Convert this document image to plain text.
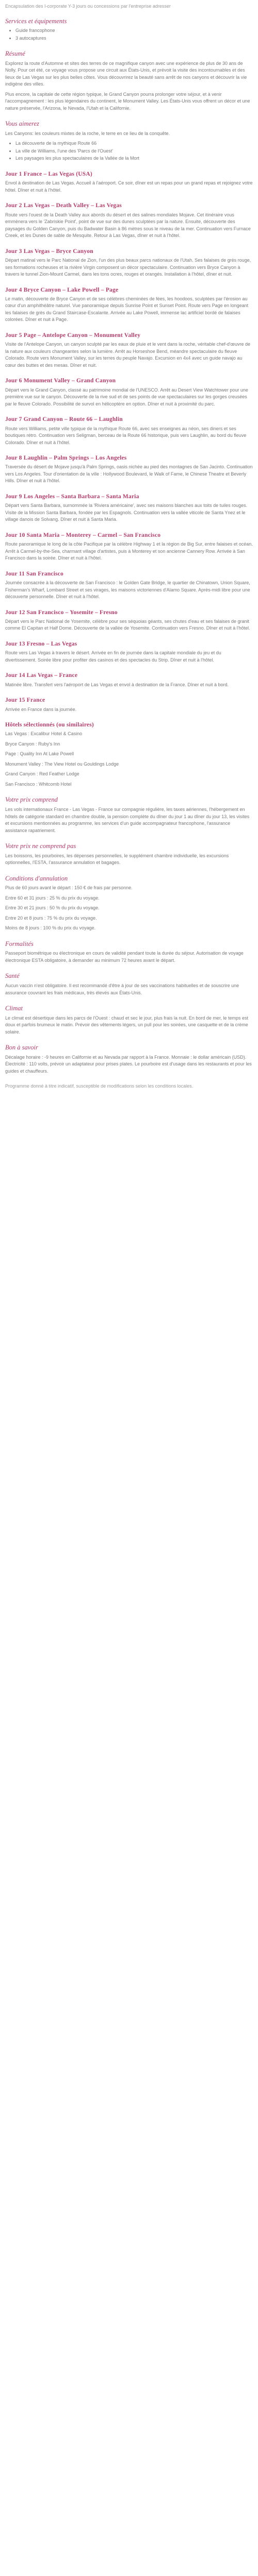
Encapsulation des I-corporate Y-3 jours ou concessions par l'entreprise adresser

Services et équipements
• Guide francophone
• 3 autocaptures
Résumé

Explorez la route d'Automne et sites des terres de ce magnifique canyon avec une expérience de plus de 30 ans de Nolly. Pour cet été, ce voyage vous propose une circuit aux États-Unis, et prévoit la visite des incontournables et des lieux de Las Vegas sur les plus belles côtes. Vous découvrirez la beauté sans arrêt de nos canyons et découvrir la vie indigène des villes.

Plus encore, la capitale de cette région typique, le Grand Canyon pourra prolonger votre séjour, et à venir l'accompagnement : les plus légendaires du continent, le Monument Valley. Les États-Unis vous offrent un décor et une nature préservée, l'Arizona, le Nevada, l'Utah et la Californie.

Vous aimerez

Les Canyons: les couleurs mixtes de la roche, le terre en ce lieu de la conquête.

• La découverte de la mythique Route 66
• La ville de Williams, l'une des 'Parcs de l'Ouest'
• Les paysages les plus spectaculaires de la Vallée de la Mort
Jour 1 France – Las Vegas (USA)

Envol à destination de Las Vegas. Accueil à l'aéroport. Ce soir, dîner est un repas pour un grand repas et rejoignez votre hôtel. Dîner et nuit à l'hôtel.

Jour 2 Las Vegas – Death Valley – Las Vegas

Route vers l'ouest de la Death Valley aux abords du désert et des salines mondiales Mojave. Cet itinéraire vous emmènera vers le 'Zabriskie Point', point de vue sur des dunes sculptées par la nature. Ensuite, découverte des paysages du Golden Canyon, puis du Badwater Basin à 86 mètres sous le niveau de la mer. Continuation vers Furnace Creek, et les Dunes de sable de Mesquite. Retour à Las Vegas, dîner et nuit à l'hôtel.

Jour 3 Las Vegas – Bryce Canyon

Départ matinal vers le Parc National de Zion, l'un des plus beaux parcs nationaux de l'Utah. Ses falaises de grès rouge, ses formations rocheuses et la rivière Virgin composent un décor spectaculaire. Continuation vers Bryce Canyon à travers le tunnel Zion-Mount Carmel, dans les tons ocres, rouges et orangés. Installation à l'hôtel, dîner et nuit.

Jour 4 Bryce Canyon – Lake Powell – Page

Le matin, découverte de Bryce Canyon et de ses célèbres cheminées de fées, les hoodoos, sculptées par l'érosion au cœur d'un amphithéâtre naturel. Vue panoramique depuis Sunrise Point et Sunset Point. Route vers Page en longeant les falaises de grès du Grand Staircase-Escalante. Arrivée au Lake Powell, immense lac artificiel bordé de falaises colorées. Dîner et nuit à Page.

Jour 5 Page – Antelope Canyon – Monument Valley

Visite de l'Antelope Canyon, un canyon sculpté par les eaux de pluie et le vent dans la roche, véritable chef-d'œuvre de la nature aux couleurs changeantes selon la lumière. Arrêt au Horseshoe Bend, méandre spectaculaire du fleuve Colorado. Route vers Monument Valley, sur les terres du peuple Navajo. Excursion en 4x4 avec un guide navajo au cœur des buttes et des mesas. Dîner et nuit.

Jour 6 Monument Valley – Grand Canyon

Départ vers le Grand Canyon, classé au patrimoine mondial de l'UNESCO. Arrêt au Desert View Watchtower pour une première vue sur le canyon. Découverte de la rive sud et de ses points de vue spectaculaires sur les gorges creusées par le fleuve Colorado. Possibilité de survol en hélicoptère en option. Dîner et nuit à proximité du parc.

Jour 7 Grand Canyon – Route 66 – Laughlin

Route vers Williams, petite ville typique de la mythique Route 66, avec ses enseignes au néon, ses diners et ses boutiques rétro. Continuation vers Seligman, berceau de la Route 66 historique, puis vers Laughlin, au bord du fleuve Colorado. Dîner et nuit à l'hôtel.

Jour 8 Laughlin – Palm Springs – Los Angeles

Traversée du désert de Mojave jusqu'à Palm Springs, oasis nichée au pied des montagnes de San Jacinto. Continuation vers Los Angeles. Tour d'orientation de la ville : Hollywood Boulevard, le Walk of Fame, le Chinese Theatre et Beverly Hills. Dîner et nuit à l'hôtel.

Jour 9 Los Angeles – Santa Barbara – Santa Maria

Départ vers Santa Barbara, surnommée la 'Riviera américaine', avec ses maisons blanches aux toits de tuiles rouges. Visite de la Mission Santa Barbara, fondée par les Espagnols. Continuation vers la vallée viticole de Santa Ynez et le village danois de Solvang. Dîner et nuit à Santa Maria.

Jour 10 Santa Maria – Monterey – Carmel – San Francisco

Route panoramique le long de la côte Pacifique par la célèbre Highway 1 et la région de Big Sur, entre falaises et océan. Arrêt à Carmel-by-the-Sea, charmant village d'artistes, puis à Monterey et son ancienne Cannery Row. Arrivée à San Francisco dans la soirée. Dîner et nuit à l'hôtel.

Jour 11 San Francisco

Journée consacrée à la découverte de San Francisco : le Golden Gate Bridge, le quartier de Chinatown, Union Square, Fisherman's Wharf, Lombard Street et ses virages, les maisons victoriennes d'Alamo Square. Après-midi libre pour une découverte personnelle. Dîner et nuit à l'hôtel.

Jour 12 San Francisco – Yosemite – Fresno

Départ vers le Parc National de Yosemite, célèbre pour ses séquoias géants, ses chutes d'eau et ses falaises de granit comme El Capitan et Half Dome. Découverte de la vallée de Yosemite. Continuation vers Fresno. Dîner et nuit à l'hôtel.

Jour 13 Fresno – Las Vegas

Route vers Las Vegas à travers le désert. Arrivée en fin de journée dans la capitale mondiale du jeu et du divertissement. Soirée libre pour profiter des casinos et des spectacles du Strip. Dîner et nuit à l'hôtel.

Jour 14 Las Vegas – France

Matinée libre. Transfert vers l'aéroport de Las Vegas et envol à destination de la France. Dîner et nuit à bord.

Jour 15 France

Arrivée en France dans la journée.

Hôtels sélectionnés (ou similaires)

Las Vegas : Excalibur Hotel & Casino

Bryce Canyon : Ruby's Inn

Page : Quality Inn At Lake Powell

Monument Valley : The View Hotel ou Gouldings Lodge

Grand Canyon : Red Feather Lodge

San Francisco : Whitcomb Hotel

Votre prix comprend

Les vols internationaux France - Las Vegas - France sur compagnie régulière, les taxes aériennes, l'hébergement en hôtels de catégorie standard en chambre double, la pension complète du dîner du jour 1 au dîner du jour 13, les visites et excursions mentionnées au programme, les services d'un guide accompagnateur francophone, l'assurance assistance rapatriement.

Votre prix ne comprend pas

Les boissons, les pourboires, les dépenses personnelles, le supplément chambre individuelle, les excursions optionnelles, l'ESTA, l'assurance annulation et bagages.

Conditions d'annulation

Plus de 60 jours avant le départ : 150 € de frais par personne.

Entre 60 et 31 jours : 25 % du prix du voyage.

Entre 30 et 21 jours : 50 % du prix du voyage.

Entre 20 et 8 jours : 75 % du prix du voyage.

Moins de 8 jours : 100 % du prix du voyage.

Formalités

Passeport biométrique ou électronique en cours de validité pendant toute la durée du séjour. Autorisation de voyage électronique ESTA obligatoire, à demander au minimum 72 heures avant le départ.

Santé

Aucun vaccin n'est obligatoire. Il est recommandé d'être à jour de ses vaccinations habituelles et de souscrire une assurance couvrant les frais médicaux, très élevés aux États-Unis.

Climat

Le climat est désertique dans les parcs de l'Ouest : chaud et sec le jour, plus frais la nuit. En bord de mer, le temps est doux et parfois brumeux le matin. Prévoir des vêtements légers, un pull pour les soirées, une casquette et de la crème solaire.

Bon à savoir

Décalage horaire : -9 heures en Californie et au Nevada par rapport à la France. Monnaie : le dollar américain (USD). Électricité : 110 volts, prévoir un adaptateur pour prises plates. Le pourboire est d'usage dans les restaurants et pour les guides et chauffeurs.

Programme donné à titre indicatif, susceptible de modifications selon les conditions locales.
